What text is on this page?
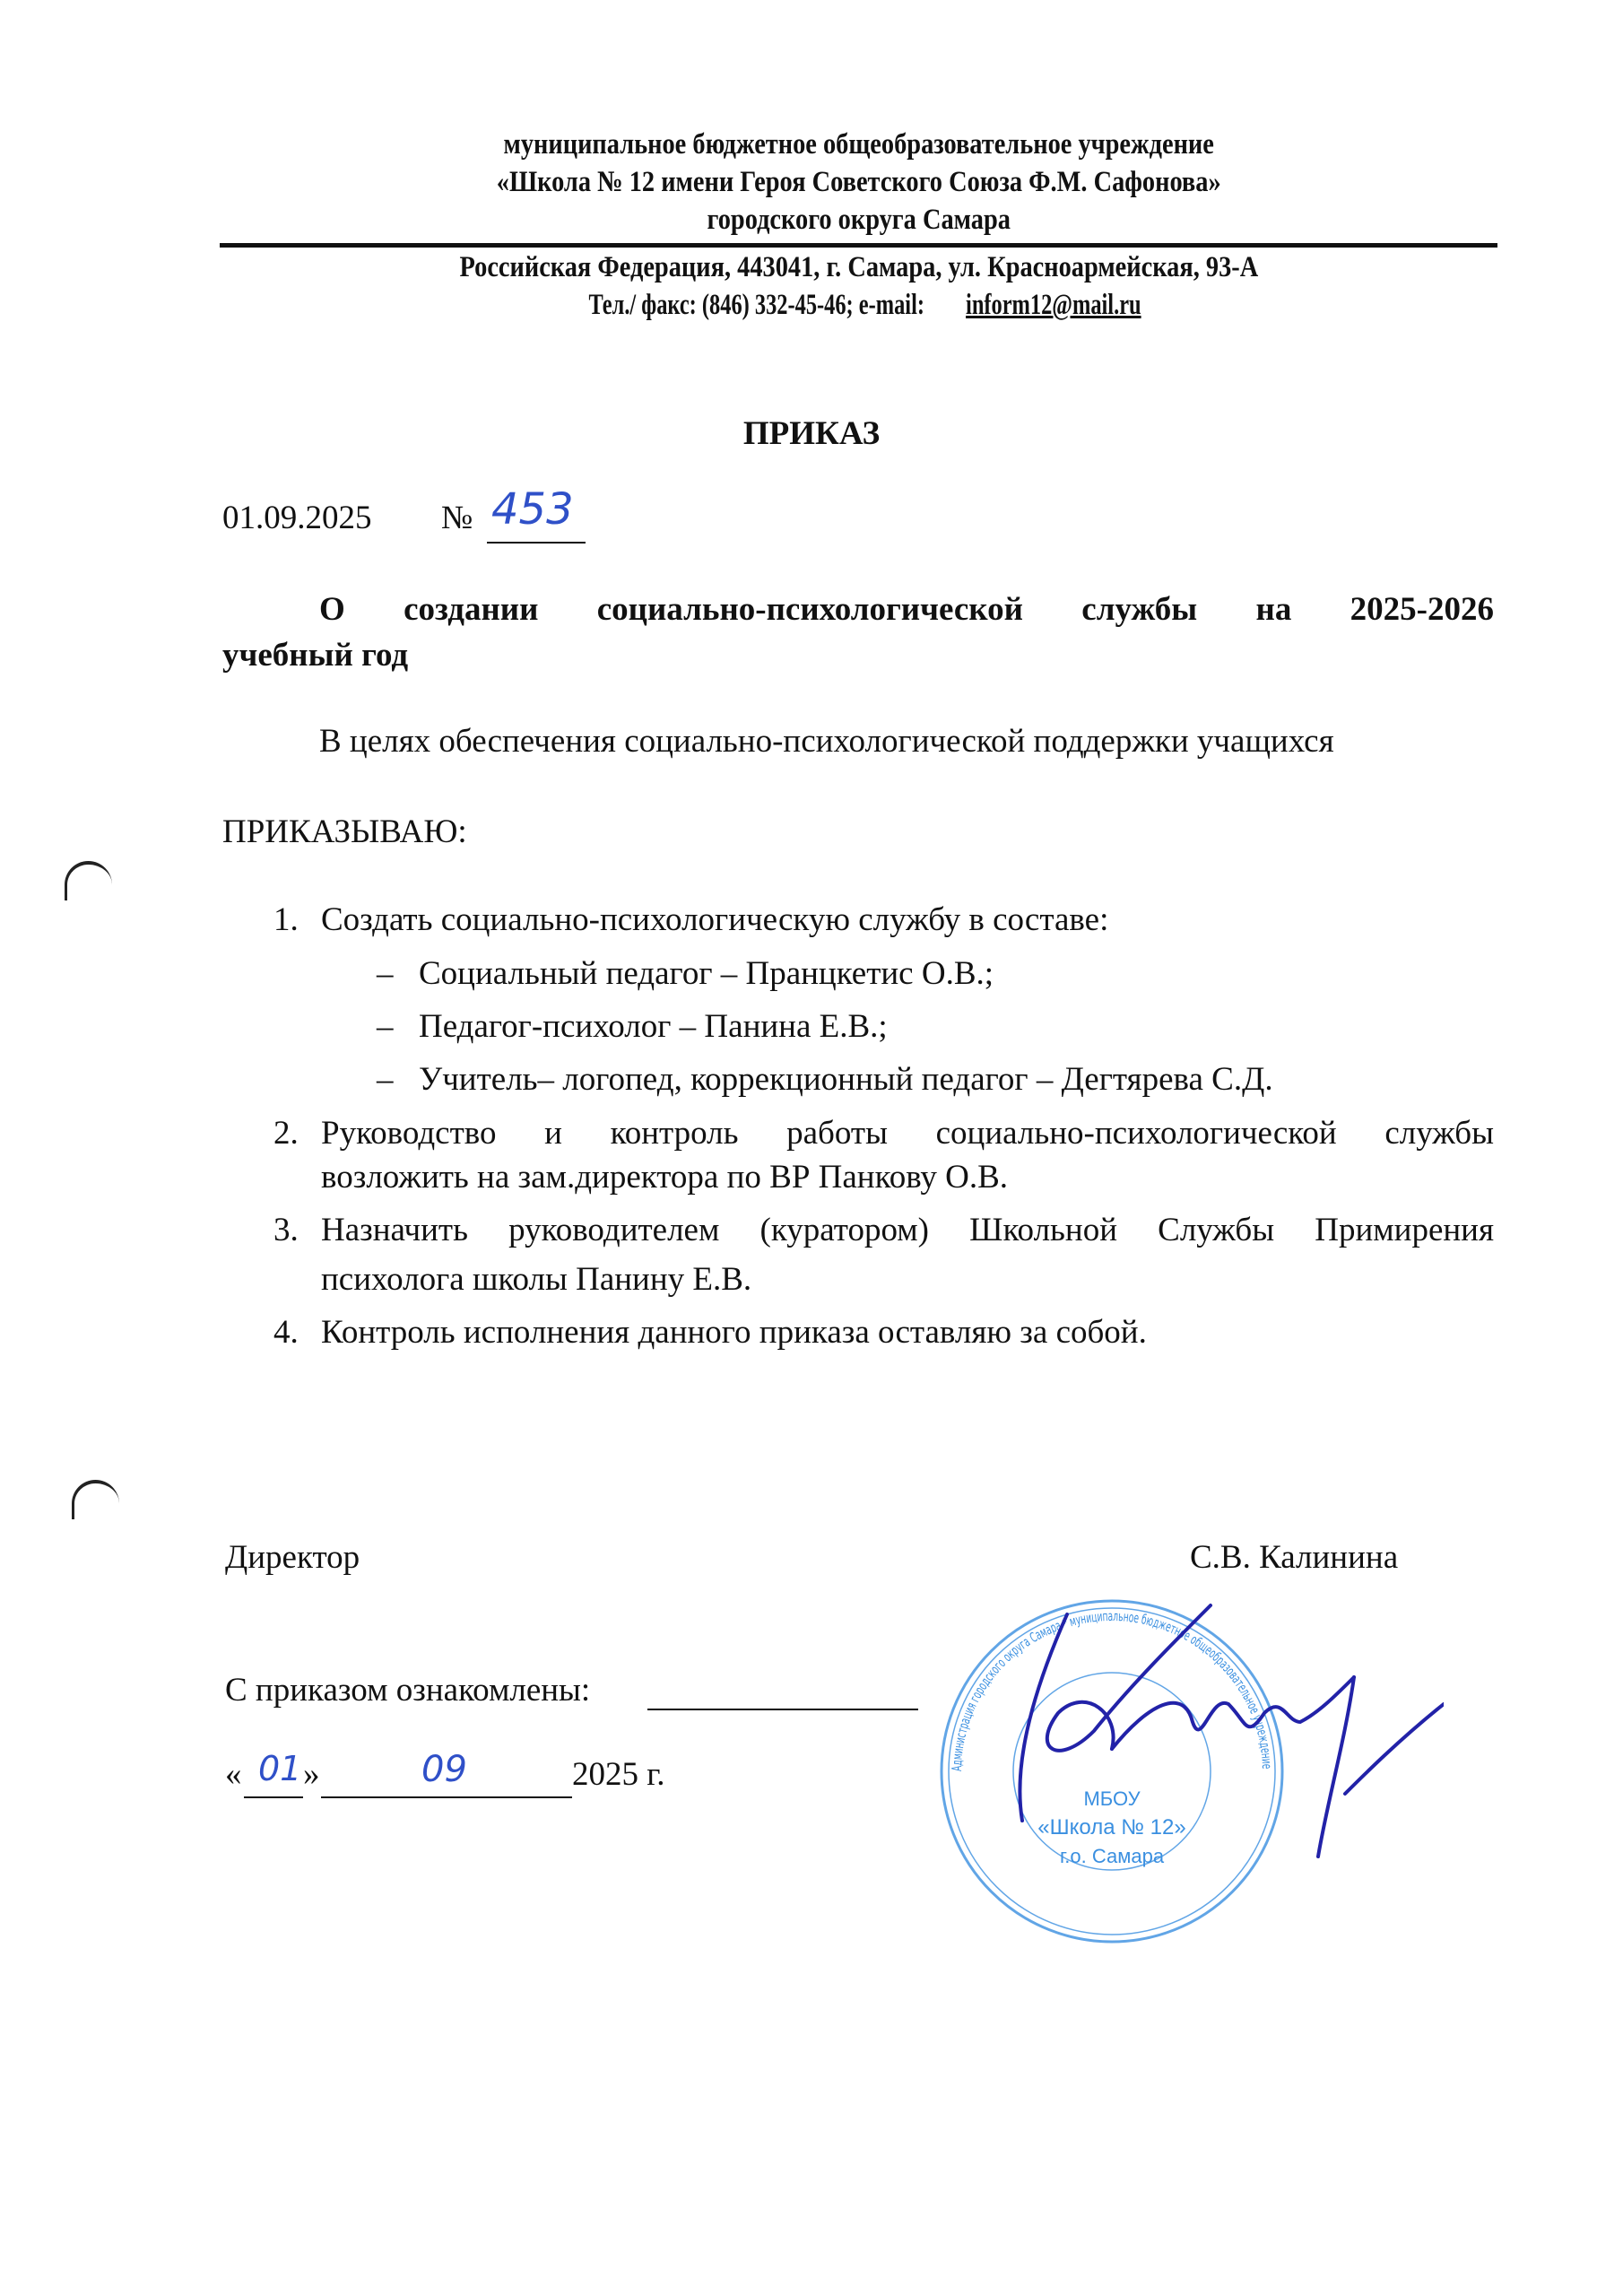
муниципальное бюджетное общеобразовательное учреждение
«Школа № 12 имени Героя Советского Союза Ф.М. Сафонова»
городского округа Самара
Российская Федерация, 443041, г. Самара, ул. Красноармейская, 93-А
Тел./ факс: (846) 332-45-46; e-mail:inform12@mail.ru
ПРИКАЗ
01.09.2025 № 453
О создании социально-психологической службы на 2025-2026
учебный год
В целях обеспечения социально-психологической поддержки учащихся
ПРИКАЗЫВАЮ:
1. Создать социально-психологическую службу в составе:
– Социальный педагог – Пранцкетис О.В.;
– Педагог-психолог – Панина Е.В.;
– Учитель– логопед, коррекционный педагог – Дегтярева С.Д.
2. Руководство и контроль работы социально-психологической службы
возложить на зам.директора по ВР Панкову О.В.
3. Назначить руководителем (куратором) Школьной Службы Примирения
психолога школы Панину Е.В.
4. Контроль исполнения данного приказа оставляю за собой.
Директор	С.В. Калинина
С приказом ознакомлены:
« 01 »	09	2025 г.	Администрация городского округа Самара * муниципальное бюджетное общеобразовательное учреждение
МБОУ
«Школа № 12»
г.о. Самара
